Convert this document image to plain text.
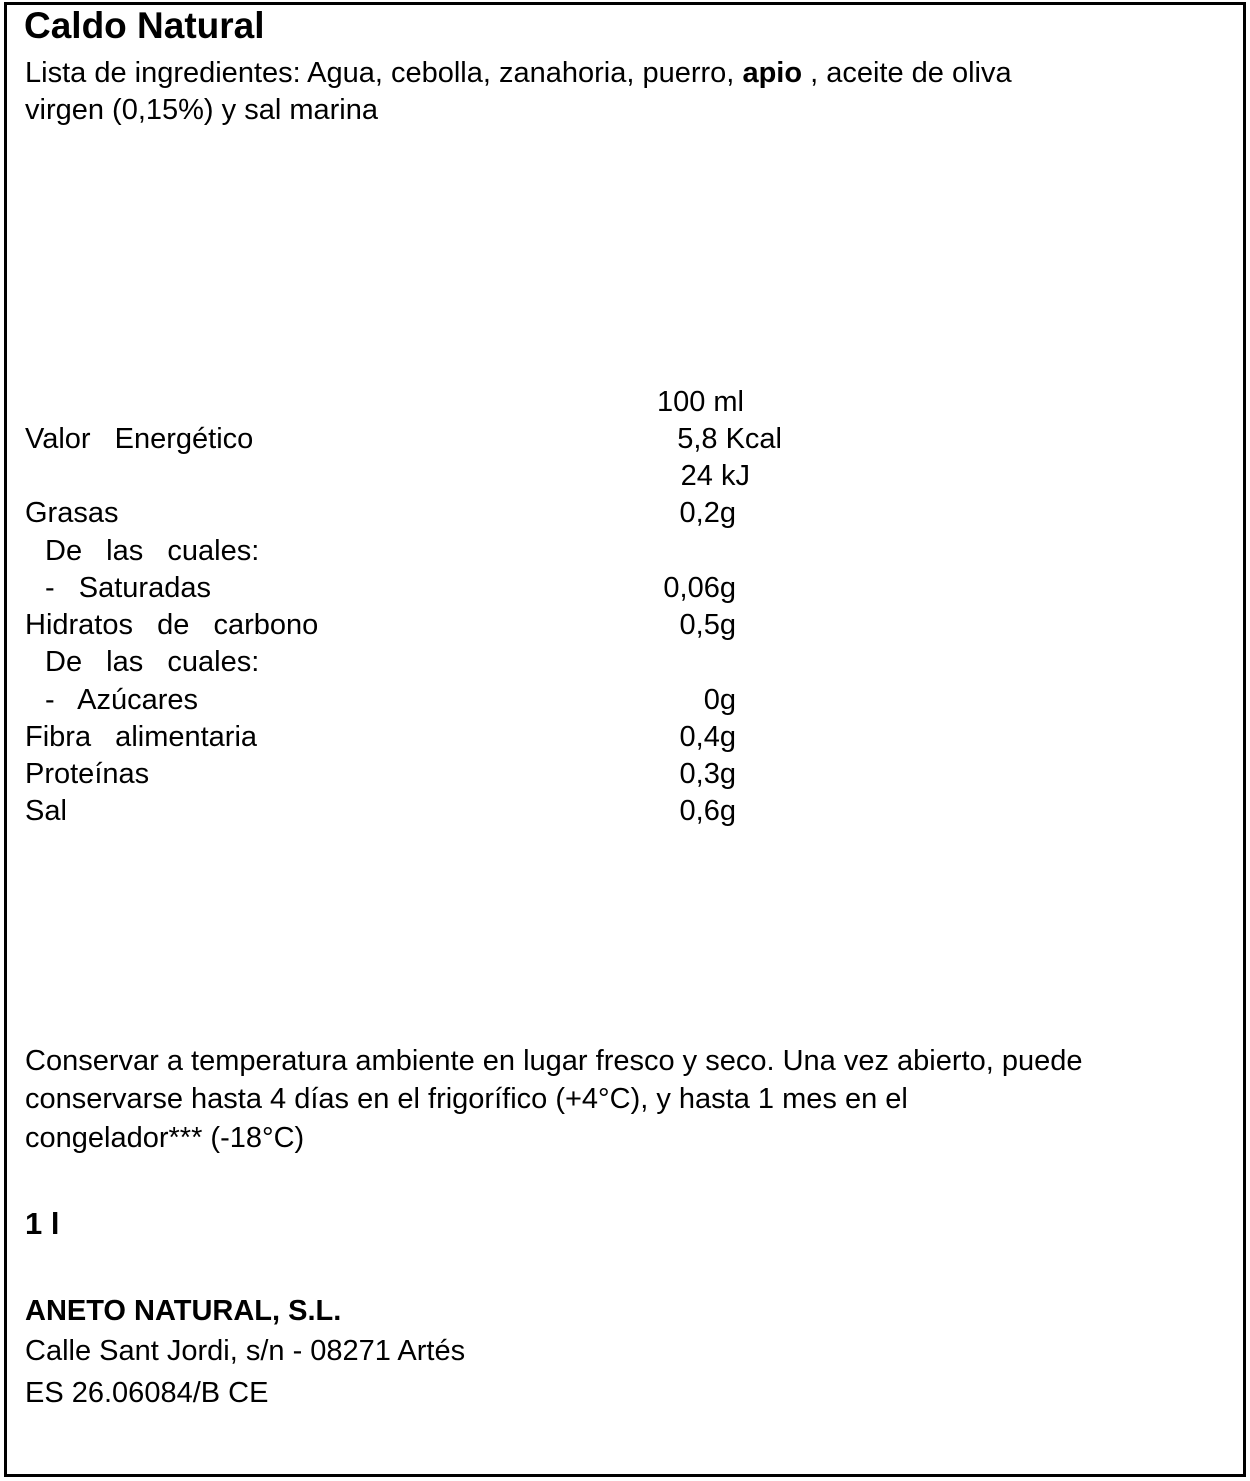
Caldo Natural

Lista de ingredientes: Agua, cebolla, zanahoria, puerro, apio , aceite de oliva

virgen (0,15%) y sal marina

100 ml
Valor  Energético	5,8 Kcal
24 kJ
Grasas	0,2g
De  las  cuales:
-  Saturadas	0,06g
Hidratos  de  carbono	0,5g
De  las  cuales:
-  Azúcares	0g
Fibra  alimentaria	0,4g
Proteínas	0,3g
Sal	0,6g

Conservar a temperatura ambiente en lugar fresco y seco. Una vez abierto, puede

conservarse hasta 4 días en el frigorífico (+4°C), y hasta 1 mes en el

congelador*** (-18°C)

1 l

ANETO NATURAL, S.L.

Calle Sant Jordi, s/n - 08271 Artés

ES 26.06084/B CE
